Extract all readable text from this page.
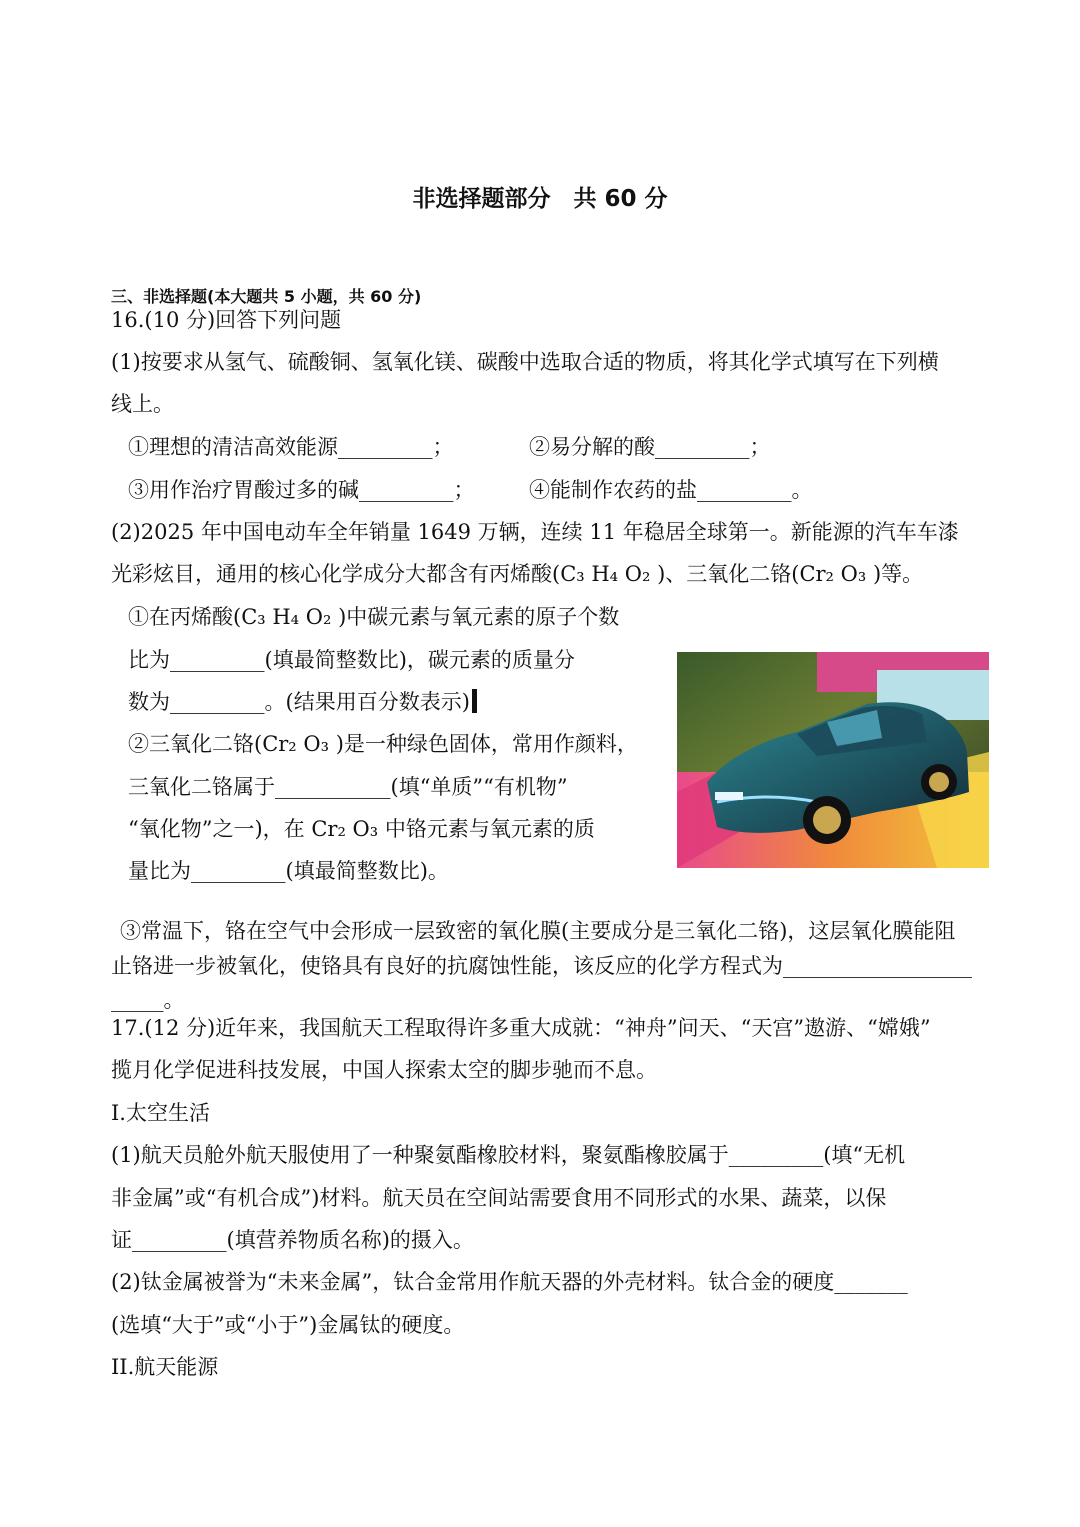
非选择题部分　共 60 分
三、非选择题(本大题共 5 小题，共 60 分)
16.(10 分)回答下列问题
(1)按要求从氢气、硫酸铜、氢氧化镁、碳酸中选取合适的物质，将其化学式填写在下列横
线上。
①理想的清洁高效能源_________；	②易分解的酸_________；
③用作治疗胃酸过多的碱_________；	④能制作农药的盐_________。
(2)2025 年中国电动车全年销量 1649 万辆，连续 11 年稳居全球第一。新能源的汽车车漆
光彩炫目，通用的核心化学成分大都含有丙烯酸(C₃ H₄ O₂ )、三氧化二铬(Cr₂ O₃ )等。
①在丙烯酸(C₃ H₄ O₂ )中碳元素与氧元素的原子个数
比为_________(填最简整数比)，碳元素的质量分
数为_________。(结果用百分数表示)
②三氧化二铬(Cr₂ O₃ )是一种绿色固体，常用作颜料，
三氧化二铬属于___________(填“单质”“有机物”
“氧化物”之一)，在 Cr₂ O₃ 中铬元素与氧元素的质
量比为_________(填最简整数比)。
③常温下，铬在空气中会形成一层致密的氧化膜(主要成分是三氧化二铬)，这层氧化膜能阻
止铬进一步被氧化，使铬具有良好的抗腐蚀性能，该反应的化学方程式为__________________
_____。
17.(12 分)近年来，我国航天工程取得许多重大成就：“神舟”问天、“天宫”遨游、“嫦娥”
揽月化学促进科技发展，中国人探索太空的脚步驰而不息。
I.太空生活
(1)航天员舱外航天服使用了一种聚氨酯橡胶材料，聚氨酯橡胶属于_________(填“无机
非金属”或“有机合成”)材料。航天员在空间站需要食用不同形式的水果、蔬菜，以保
证_________(填营养物质名称)的摄入。
(2)钛金属被誉为“未来金属”，钛合金常用作航天器的外壳材料。钛合金的硬度_______
(选填“大于”或“小于”)金属钛的硬度。
II.航天能源
